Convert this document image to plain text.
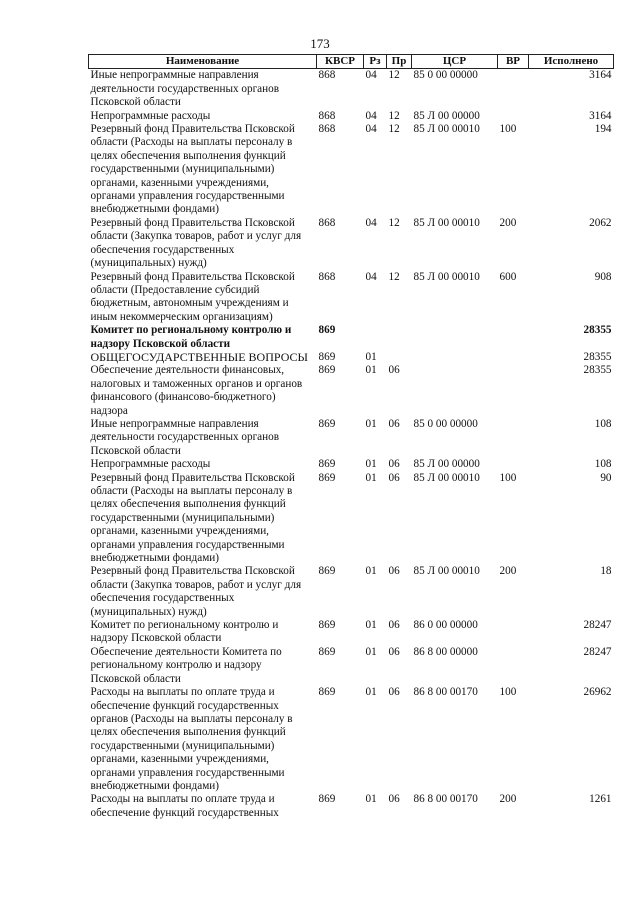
173
Наименование	КВСР	Рз	Пр	ЦСР	ВР	Исполнено
Иные непрограммные направления деятельности государственных органов Псковской области	868	04	12	85 0 00 00000		3164
Непрограммные расходы	868	04	12	85 Л 00 00000		3164
Резервный фонд Правительства Псковской области (Расходы на выплаты персоналу в целях обеспечения выполнения функций государственными (муниципальными) органами, казенными учреждениями, органами управления государственными внебюджетными фондами)	868	04	12	85 Л 00 00010	100	194
Резервный фонд Правительства Псковской области (Закупка товаров, работ и услуг для обеспечения государственных (муниципальных) нужд)	868	04	12	85 Л 00 00010	200	2062
Резервный фонд Правительства Псковской области (Предоставление субсидий бюджетным, автономным учреждениям и иным некоммерческим организациям)	868	04	12	85 Л 00 00010	600	908
Комитет по региональному контролю и надзору Псковской области	869					28355
ОБЩЕГОСУДАРСТВЕННЫЕ ВОПРОСЫ	869	01				28355
Обеспечение деятельности финансовых, налоговых и таможенных органов и органов финансового (финансово-бюджетного) надзора	869	01	06			28355
Иные непрограммные направления деятельности государственных органов Псковской области	869	01	06	85 0 00 00000		108
Непрограммные расходы	869	01	06	85 Л 00 00000		108
Резервный фонд Правительства Псковской области (Расходы на выплаты персоналу в целях обеспечения выполнения функций государственными (муниципальными) органами, казенными учреждениями, органами управления государственными внебюджетными фондами)	869	01	06	85 Л 00 00010	100	90
Резервный фонд Правительства Псковской области (Закупка товаров, работ и услуг для обеспечения государственных (муниципальных) нужд)	869	01	06	85 Л 00 00010	200	18
Комитет по региональному контролю и надзору Псковской области	869	01	06	86 0 00 00000		28247
Обеспечение деятельности Комитета по региональному контролю и надзору Псковской области	869	01	06	86 8 00 00000		28247
Расходы на выплаты по оплате труда и обеспечение функций государственных органов (Расходы на выплаты персоналу в целях обеспечения выполнения функций государственными (муниципальными) органами, казенными учреждениями, органами управления государственными внебюджетными фондами)	869	01	06	86 8 00 00170	100	26962
Расходы на выплаты по оплате труда и обеспечение функций государственных	869	01	06	86 8 00 00170	200	1261
